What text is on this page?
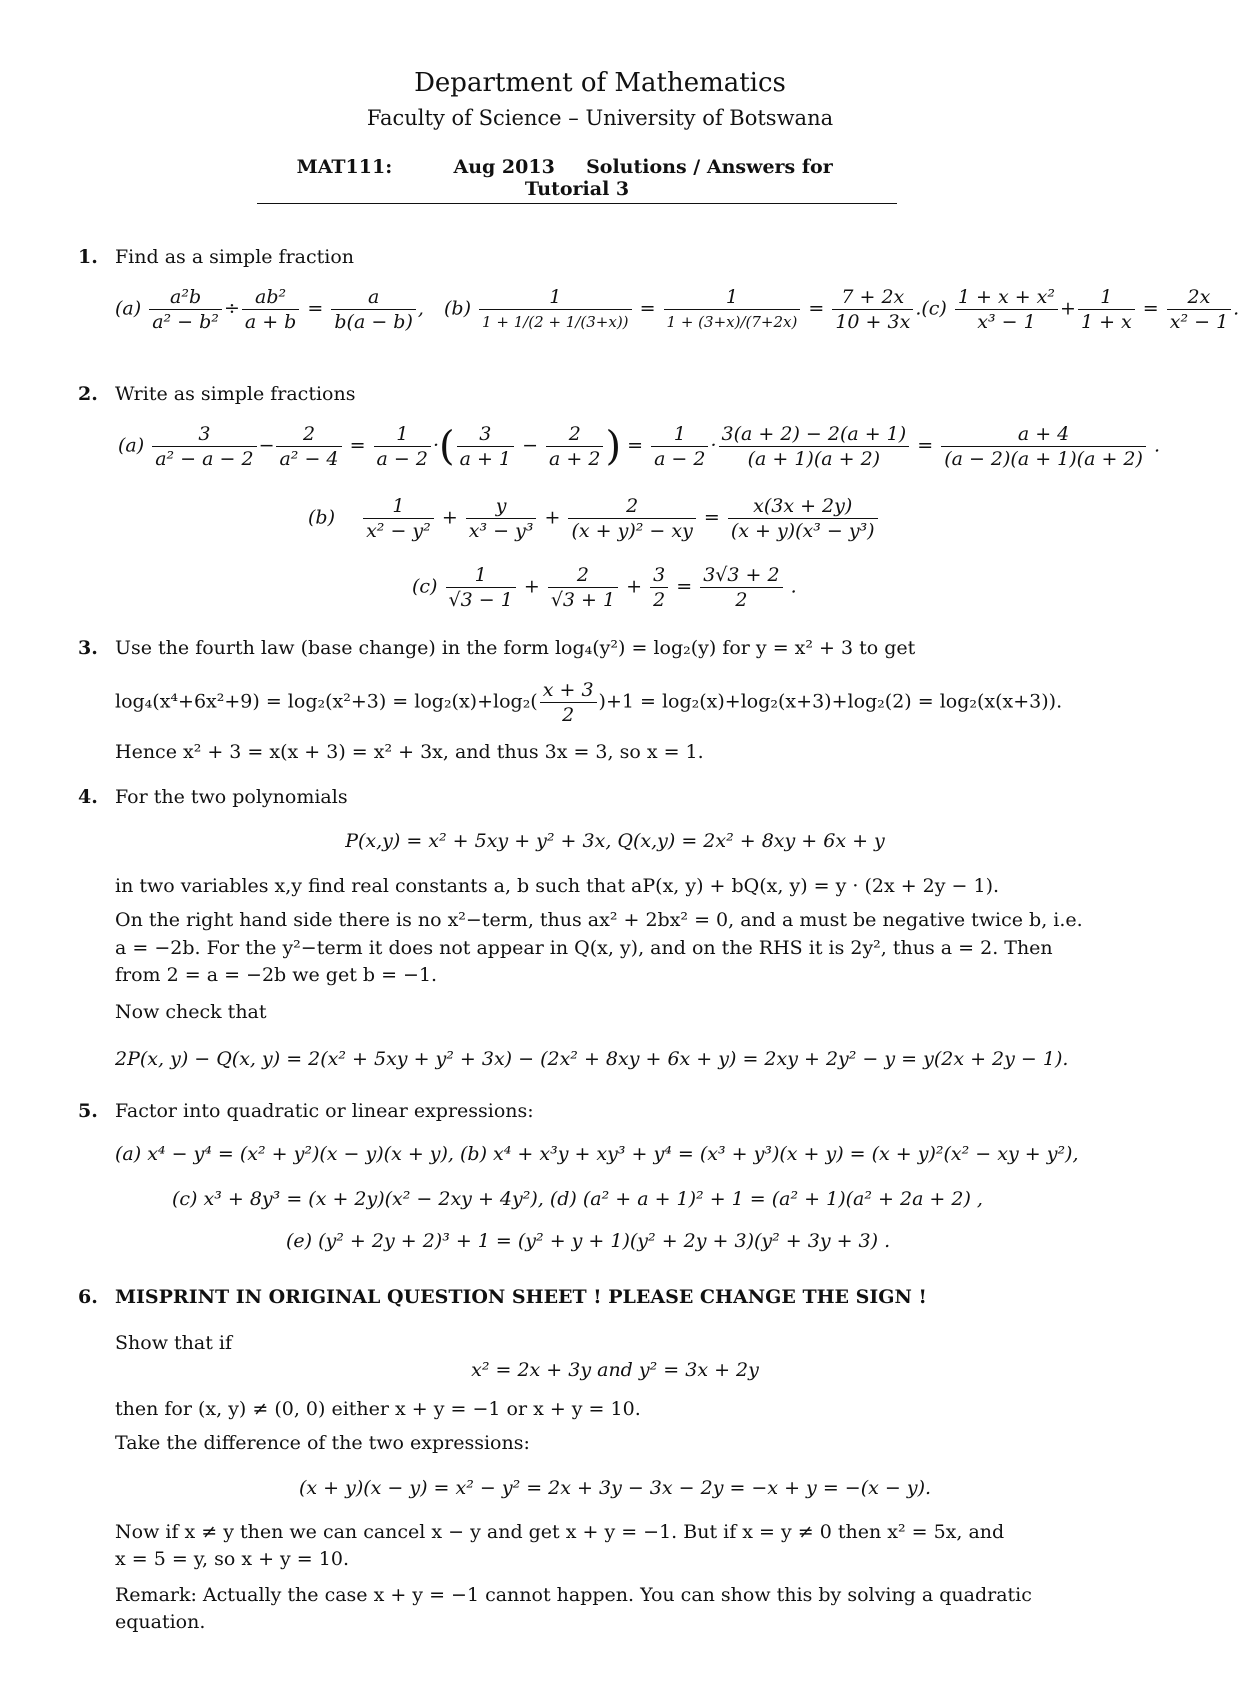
Department of Mathematics
Faculty of Science – University of Botswana
MAT111:	Aug 2013 Solutions / Answers for  Tutorial 3
1. Find as a simple fraction
$(a) \frac{\text{a²b}}{\text{a² − b²}} \div \frac{\text{ab²}}{a + b} = \frac{a}{b(a - b)}$ , $(b) \frac{1}{1 + 1/(2 + 1/(3+x))} = \frac{1}{1 + (3+x)/(7+2x)} = \frac{7 + 2x}{10 + 3x} .(c) \frac{\text{1 + x + x²}}{\text{x³ − 1}} + \frac{1}{1 + x} = \frac{2x}{\text{x² − 1}}$ .
2. Write as simple fractions
$(a) \frac{3}{\text{a² − a − 2}} - \frac{2}{\text{a² − 4}} = \frac{1}{a - 2}$ ·( $\frac{3}{a + 1} - \frac{2}{a + 2}$ ) = $\frac{1}{a - 2} \cdot \frac{3(a + 2) - 2(a + 1)}{(a + 1)(a + 2)} = \frac{a + 4}{(a - 2)(a + 1)(a + 2)}$ .
$(b) \frac{1}{\text{x² − y²}} + \frac{y}{\text{x³ − y³}} + \frac{2}{\text{(x + y)² − xy}} = \frac{x(3x + 2y)}{\text{(x + y)(x³ − y³)}}$
$(c) \frac{1}{√3 - 1} + \frac{2}{√3 + 1} + \frac{3}{2} = \frac{3√3 + 2}{2}$ .
3. Use the fourth law (base change) in the form log₄(y²) = log₂(y) for y = x² + 3 to get
$\log_4(x^4+6x^2+9) = \log_2(x^2+3) = \log_2(x)+\log_2( \frac{x + 3}{2} )+1 = \log_2(x)+\log_2(x+3)+\log_2(2) = \log_2(x(x+3))$.
Hence x² + 3 = x(x + 3) = x² + 3x, and thus 3x = 3, so x = 1.
4. For the two polynomials
P(x,y) = x² + 5xy + y² + 3x, Q(x,y) = 2x² + 8xy + 6x + y
in two variables x,y find real constants a, b such that aP(x, y) + bQ(x, y) = y · (2x + 2y − 1).
On the right hand side there is no x²−term, thus ax² + 2bx² = 0, and a must be negative twice b, i.e.
a = −2b. For the y²−term it does not appear in Q(x, y), and on the RHS it is 2y², thus a = 2. Then
from 2 = a = −2b we get b = −1.
Now check that
2P(x, y) − Q(x, y) = 2(x² + 5xy + y² + 3x) − (2x² + 8xy + 6x + y) = 2xy + 2y² − y = y(2x + 2y − 1).
5. Factor into quadratic or linear expressions:
(a) x⁴ − y⁴ = (x² + y²)(x − y)(x + y), (b) x⁴ + x³y + xy³ + y⁴ = (x³ + y³)(x + y) = (x + y)²(x² − xy + y²),
(c) x³ + 8y³ = (x + 2y)(x² − 2xy + 4y²), (d) (a² + a + 1)² + 1 = (a² + 1)(a² + 2a + 2) ,
(e) (y² + 2y + 2)³ + 1 = (y² + y + 1)(y² + 2y + 3)(y² + 3y + 3) .
6. MISPRINT IN ORIGINAL QUESTION SHEET ! PLEASE CHANGE THE SIGN !
Show that if
x² = 2x + 3y and y² = 3x + 2y
then for (x, y) ≠ (0, 0) either x + y = −1 or x + y = 10.
Take the difference of the two expressions:
(x + y)(x − y) = x² − y² = 2x + 3y − 3x − 2y = −x + y = −(x − y).
Now if x ≠ y then we can cancel x − y and get x + y = −1. But if x = y ≠ 0 then x² = 5x, and
x = 5 = y, so x + y = 10.
Remark: Actually the case x + y = −1 cannot happen. You can show this by solving a quadratic
equation.
